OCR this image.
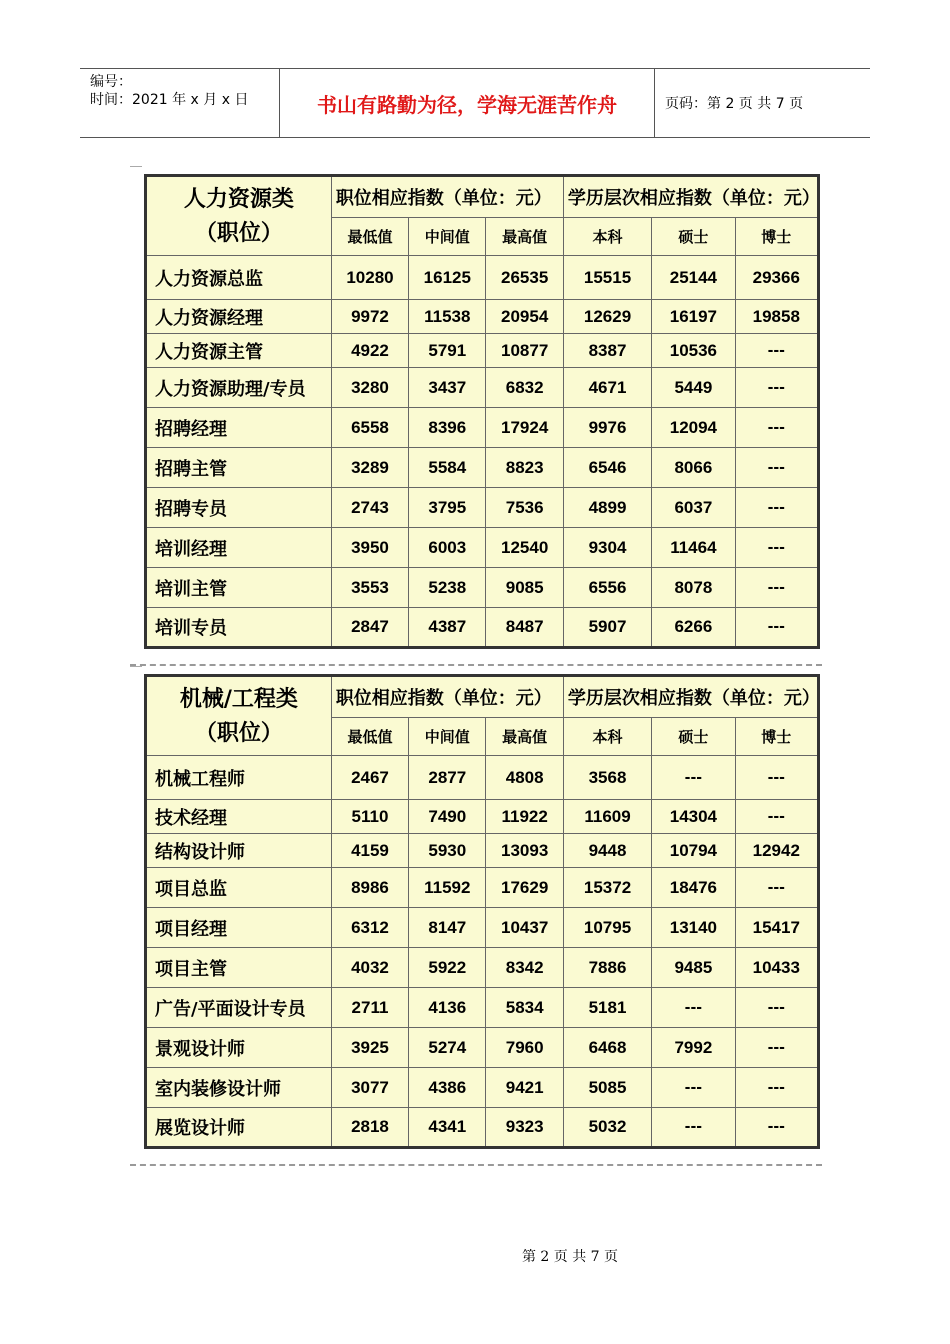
编号：
时间：2021 年 x 月 x 日	书山有路勤为径，学海无涯苦作舟	页码：第 2 页 共 7 页
人力资源类
（职位）	职位相应指数（单位：元）			学历层次相应指数（单位：元）		
	最低值	中间值	最高值	本科	硕士	博士
人力资源总监	10280	16125	26535	15515	25144	29366
人力资源经理	9972	11538	20954	12629	16197	19858
人力资源主管	4922	5791	10877	8387	10536	---
人力资源助理/专员	3280	3437	6832	4671	5449	---
招聘经理	6558	8396	17924	9976	12094	---
招聘主管	3289	5584	8823	6546	8066	---
招聘专员	2743	3795	7536	4899	6037	---
培训经理	3950	6003	12540	9304	11464	---
培训主管	3553	5238	9085	6556	8078	---
培训专员	2847	4387	8487	5907	6266	---
机械/工程类
（职位）	职位相应指数（单位：元）			学历层次相应指数（单位：元）		
	最低值	中间值	最高值	本科	硕士	博士
机械工程师	2467	2877	4808	3568	---	---
技术经理	5110	7490	11922	11609	14304	---
结构设计师	4159	5930	13093	9448	10794	12942
项目总监	8986	11592	17629	15372	18476	---
项目经理	6312	8147	10437	10795	13140	15417
项目主管	4032	5922	8342	7886	9485	10433
广告/平面设计专员	2711	4136	5834	5181	---	---
景观设计师	3925	5274	7960	6468	7992	---
室内装修设计师	3077	4386	9421	5085	---	---
展览设计师	2818	4341	9323	5032	---	---
第 2 页 共 7 页
